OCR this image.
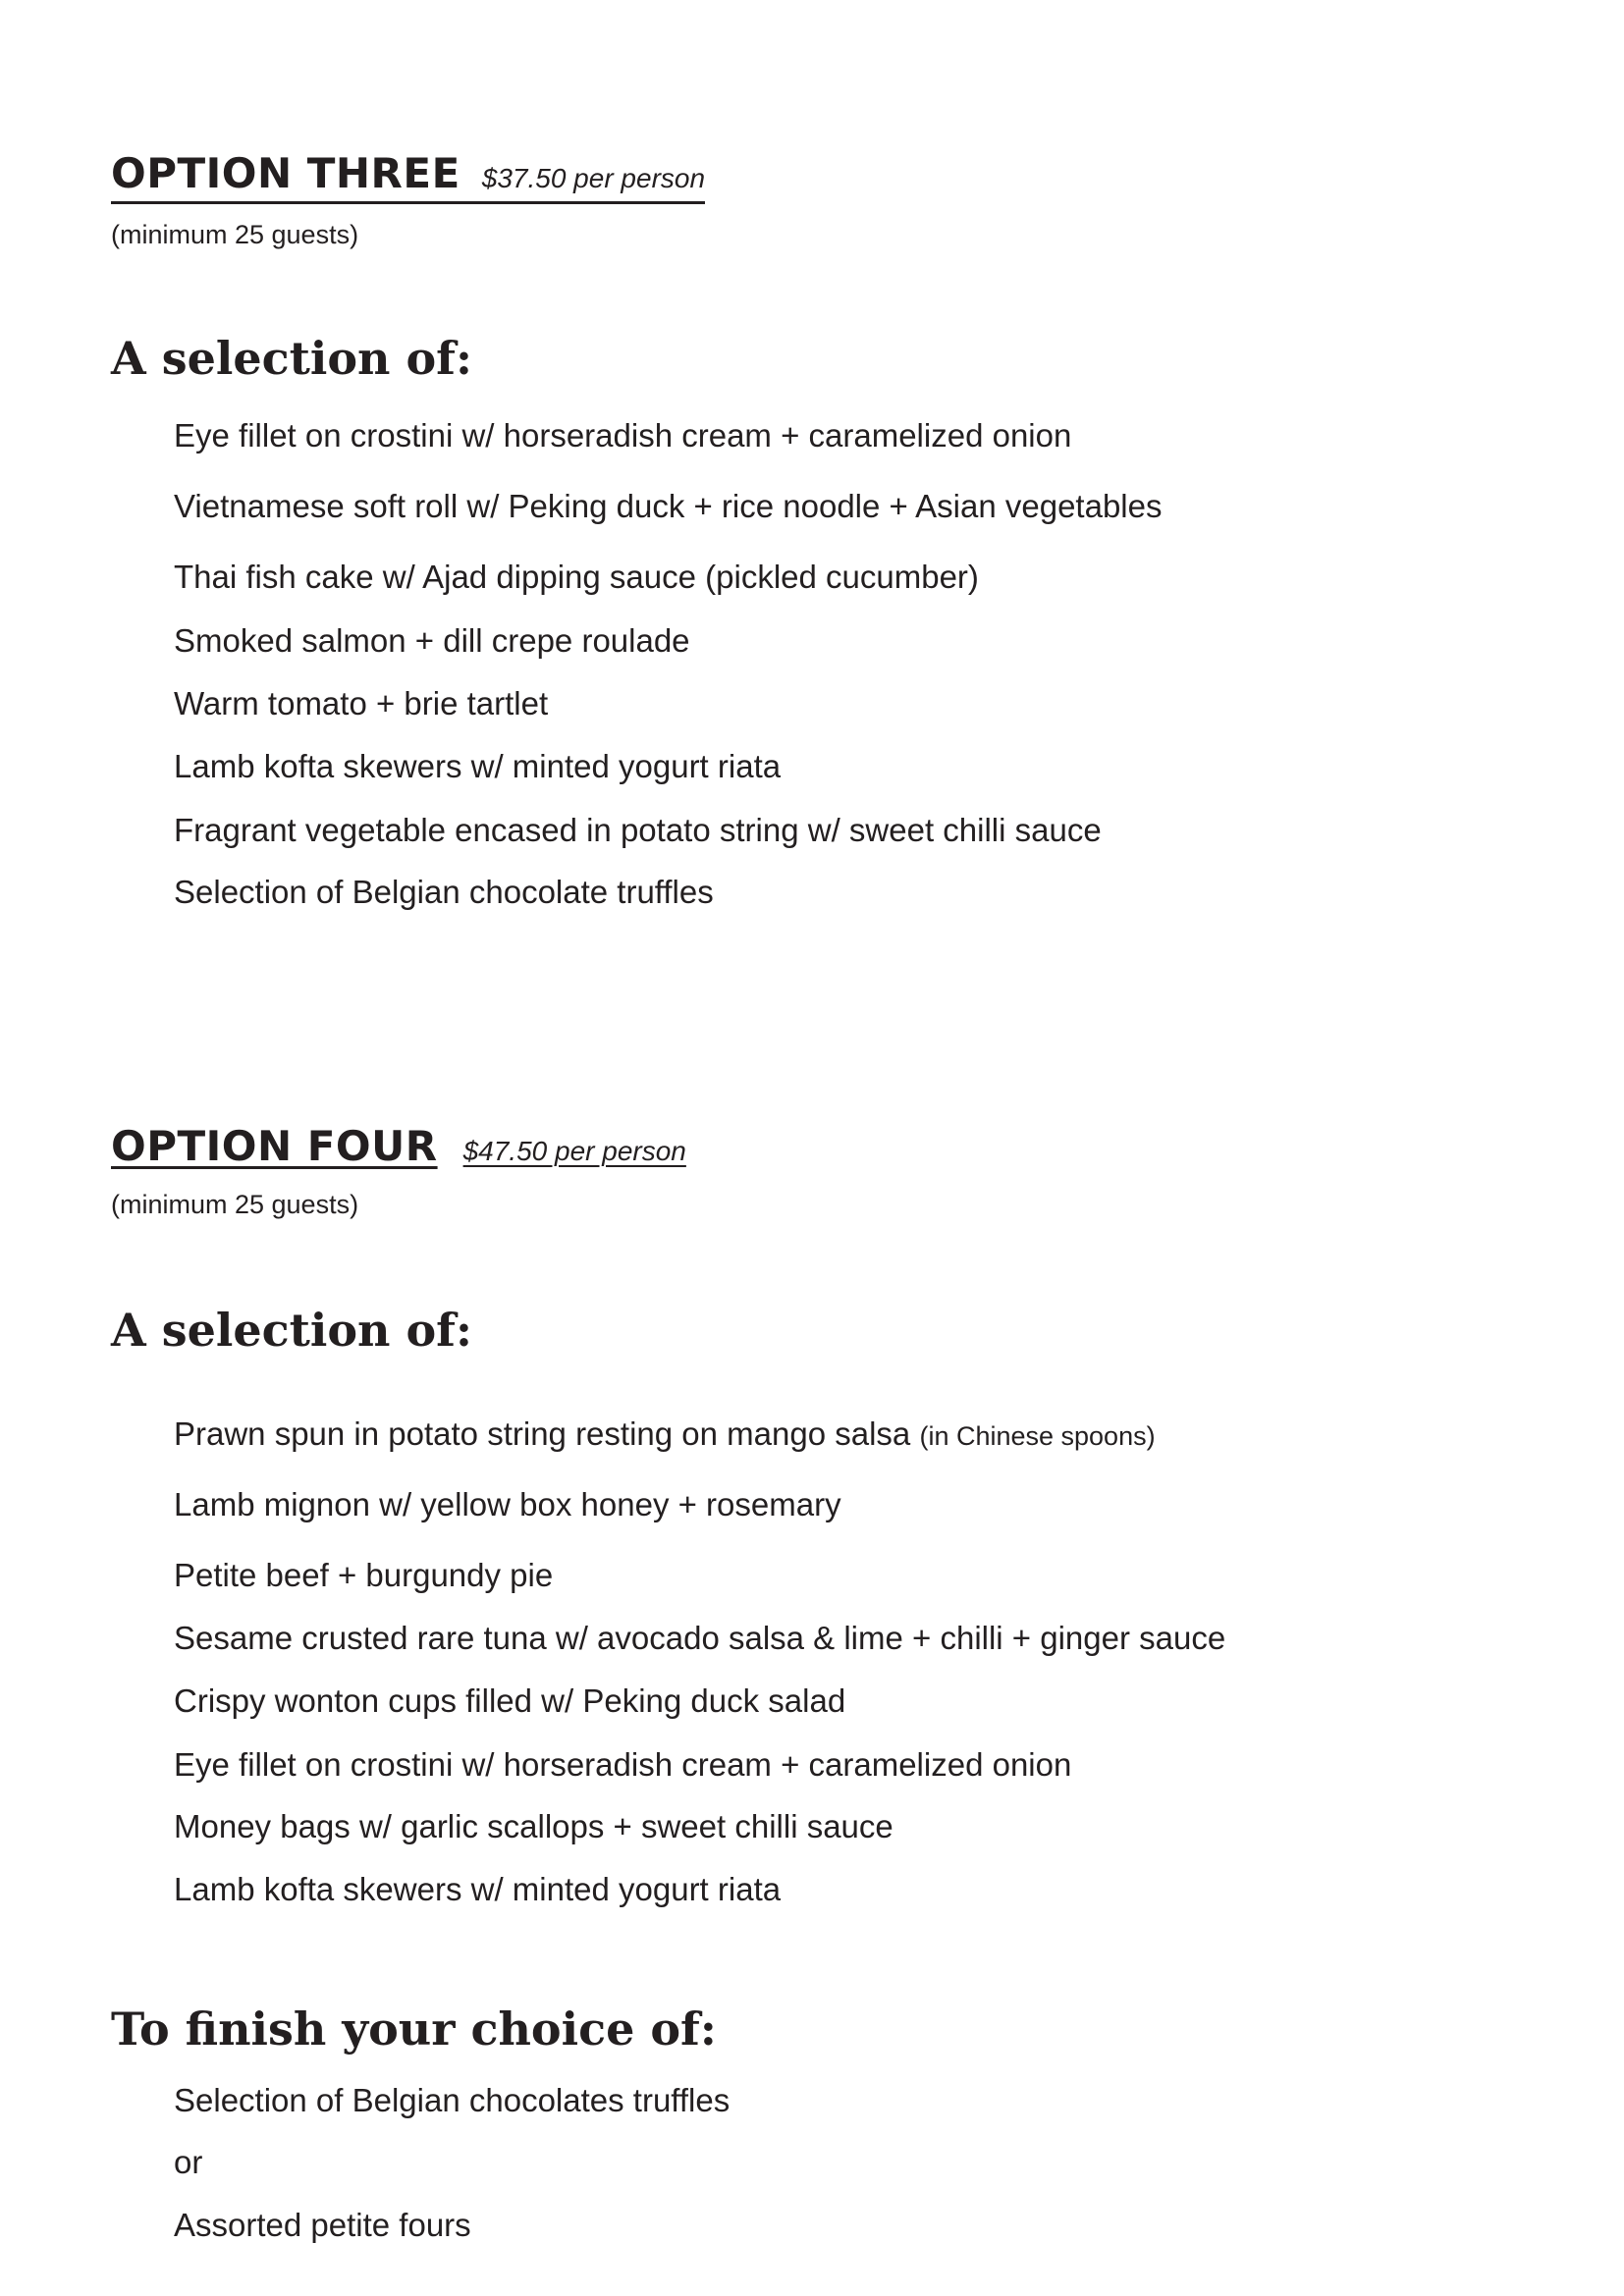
OPTION THREE $37.50 per person
(minimum 25 guests)
A selection of:
Eye fillet on crostini w/ horseradish cream + caramelized onion
Vietnamese soft roll w/ Peking duck + rice noodle + Asian vegetables
Thai fish cake w/ Ajad dipping sauce (pickled cucumber)
Smoked salmon + dill crepe roulade
Warm tomato + brie tartlet
Lamb kofta skewers w/ minted yogurt riata
Fragrant vegetable encased in potato string w/ sweet chilli sauce
Selection of Belgian chocolate truffles
OPTION FOUR $47.50 per person
(minimum 25 guests)
A selection of:
Prawn spun in potato string resting on mango salsa (in Chinese spoons)
Lamb mignon w/ yellow box honey + rosemary
Petite beef + burgundy pie
Sesame crusted rare tuna w/ avocado salsa & lime + chilli + ginger sauce
Crispy wonton cups filled w/ Peking duck salad
Eye fillet on crostini w/ horseradish cream + caramelized onion
Money bags w/ garlic scallops + sweet chilli sauce
Lamb kofta skewers w/ minted yogurt riata
To finish your choice of:
Selection of Belgian chocolates truffles
or
Assorted petite fours
